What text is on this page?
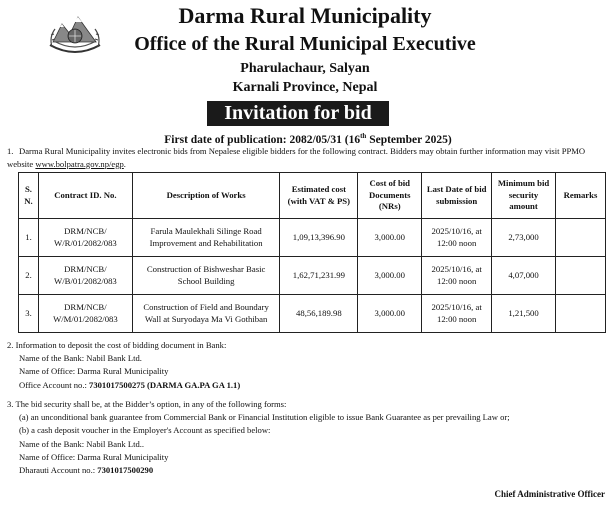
Darma Rural Municipality
Office of the Rural Municipal Executive
Pharulachaur, Salyan
Karnali Province, Nepal
Invitation for bid
First date of publication: 2082/05/31 (16th September 2025)
1. Darma Rural Municipality invites electronic bids from Nepalese eligible bidders for the following contract. Bidders may obtain further information may visit PPMO website www.bolpatra.gov.np/egp.
S. N.	Contract ID. No.	Description of Works	Estimated cost (with VAT & PS)	Cost of bid Documents (NRs)	Last Date of bid submission	Minimum bid security amount	Remarks
1.	DRM/NCB/ W/R/01/2082/083	Farula Maulekhali Silinge Road Improvement and Rehabilitation	1,09,13,396.90	3,000.00	2025/10/16, at 12:00 noon	2,73,000	
2.	DRM/NCB/ W/B/01/2082/083	Construction of Bishweshar Basic School Building	1,62,71,231.99	3,000.00	2025/10/16, at 12:00 noon	4,07,000	
3.	DRM/NCB/ W/M/01/2082/083	Construction of Field and Boundary Wall at Suryodaya Ma Vi Gothiban	48,56,189.98	3,000.00	2025/10/16, at 12:00 noon	1,21,500	
2. Information to deposit the cost of bidding document in Bank:
Name of the Bank: Nabil Bank Ltd.
Name of Office: Darma Rural Municipality
Office Account no.: 7301017500275 (DARMA GA.PA GA 1.1)
3. The bid security shall be, at the Bidder’s option, in any of the following forms:
(a) an unconditional bank guarantee from Commercial Bank or Financial Institution eligible to issue Bank Guarantee as per prevailing Law or;
(b) a cash deposit voucher in the Employer's Account as specified below:
Name of the Bank: Nabil Bank Ltd..
Name of Office: Darma Rural Municipality
Dharauti Account no.: 7301017500290
Chief Administrative Officer
